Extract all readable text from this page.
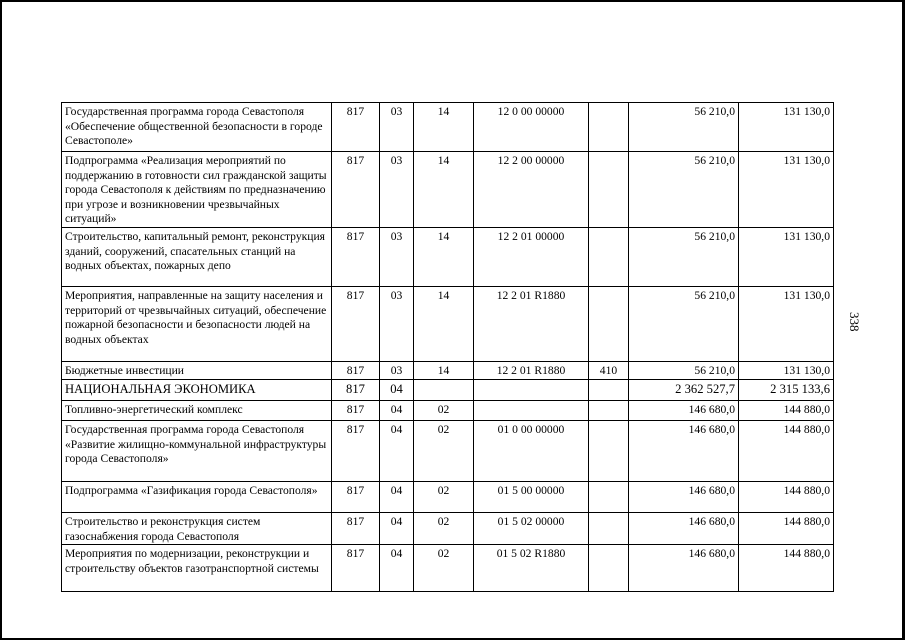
Государственная программа города Севастополя «Обеспечение общественной безопасности в городе Севастополе»	817	03	14	12 0 00 00000		56 210,0	131 130,0
Подпрограмма «Реализация мероприятий по поддержанию в готовности сил гражданской защиты города Севастополя к действиям по предназначению при угрозе и возникновении чрезвычайных ситуаций»	817	03	14	12 2 00 00000		56 210,0	131 130,0
Строительство, капитальный ремонт, реконструкция зданий, сооружений, спасательных станций на водных объектах, пожарных депо	817	03	14	12 2 01 00000		56 210,0	131 130,0
Мероприятия, направленные на защиту населения и территорий от чрезвычайных ситуаций, обеспечение пожарной безопасности и безопасности людей на водных объектах	817	03	14	12 2 01 R1880		56 210,0	131 130,0
Бюджетные инвестиции	817	03	14	12 2 01 R1880	410	56 210,0	131 130,0
НАЦИОНАЛЬНАЯ ЭКОНОМИКА	817	04				2 362 527,7	2 315 133,6
Топливно-энергетический комплекс	817	04	02			146 680,0	144 880,0
Государственная программа города Севастополя «Развитие жилищно-коммунальной инфраструктуры города Севастополя»	817	04	02	01 0 00 00000		146 680,0	144 880,0
Подпрограмма «Газификация города Севастополя»	817	04	02	01 5 00 00000		146 680,0	144 880,0
Строительство и реконструкция систем газоснабжения города Севастополя	817	04	02	01 5 02 00000		146 680,0	144 880,0
Мероприятия по модернизации, реконструкции и строительству объектов газотранспортной системы	817	04	02	01 5 02 R1880		146 680,0	144 880,0
338
